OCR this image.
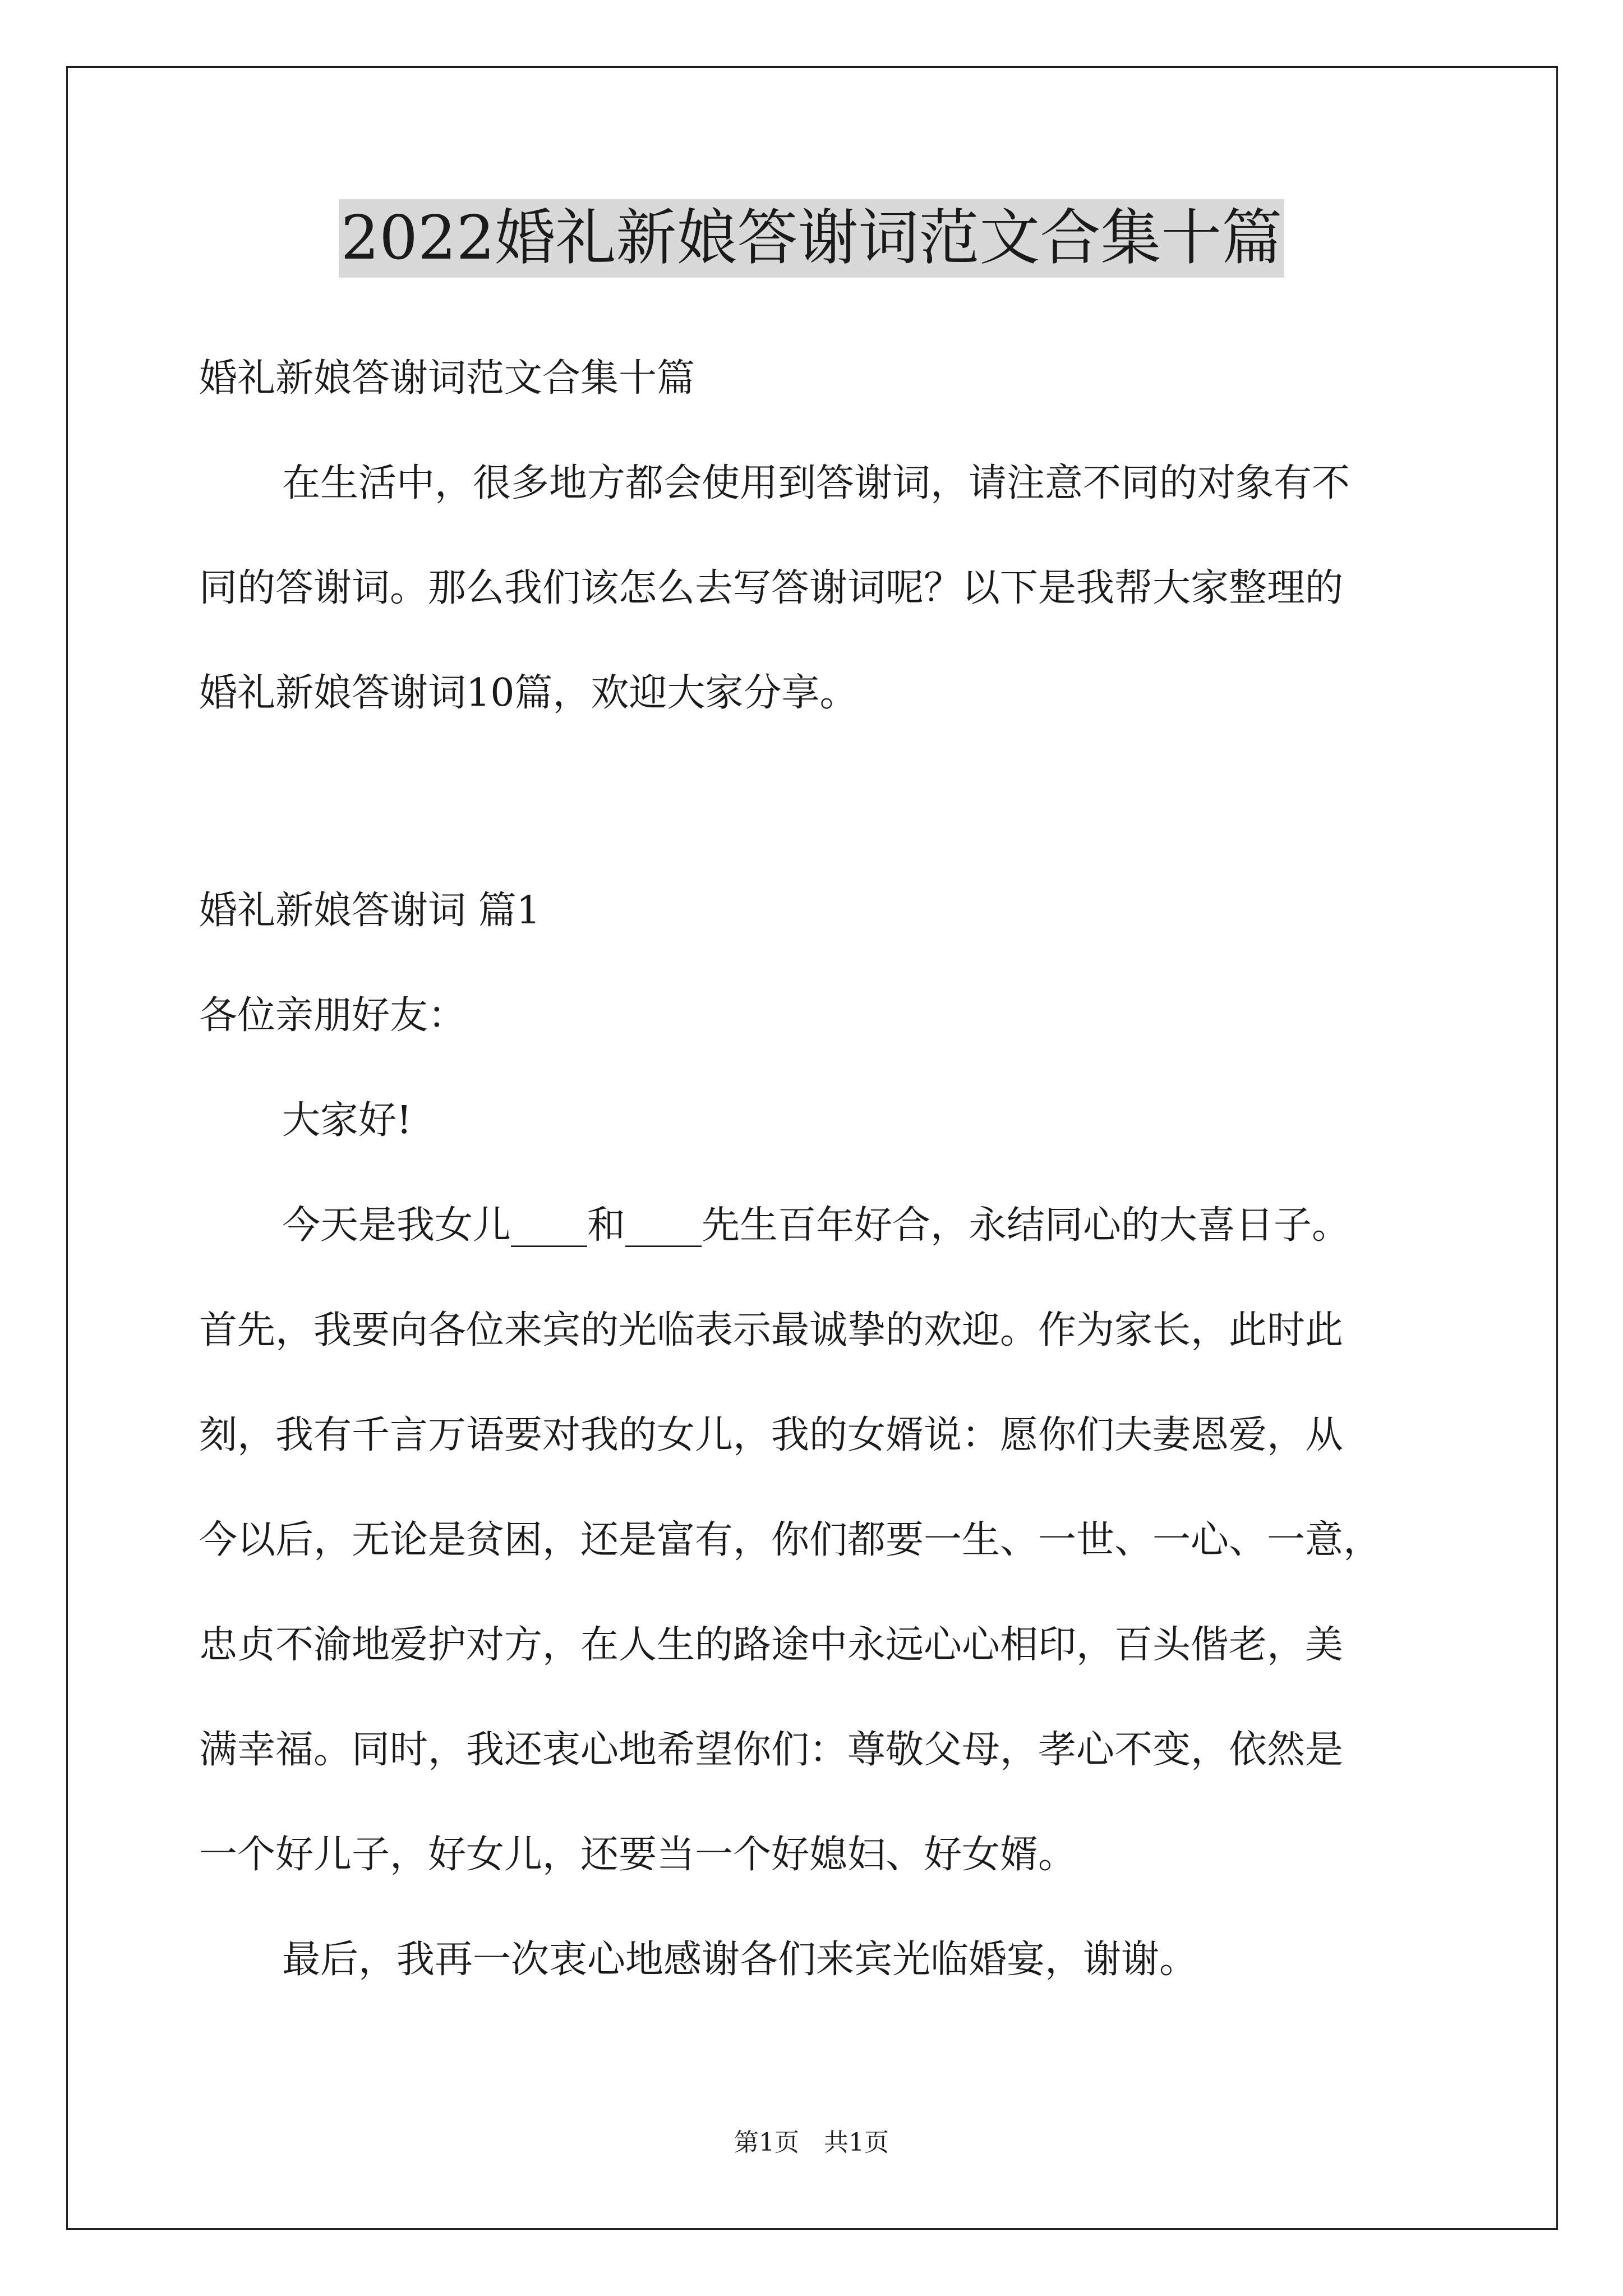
2022婚礼新娘答谢词范文合集十篇
婚礼新娘答谢词范文合集十篇
在生活中，很多地方都会使用到答谢词，请注意不同的对象有不
同的答谢词。那么我们该怎么去写答谢词呢？以下是我帮大家整理的
婚礼新娘答谢词10篇，欢迎大家分享。
婚礼新娘答谢词 篇1
各位亲朋好友：
大家好!
今天是我女儿____和____先生百年好合，永结同心的大喜日子。
首先，我要向各位来宾的光临表示最诚挚的欢迎。作为家长，此时此
刻，我有千言万语要对我的女儿，我的女婿说：愿你们夫妻恩爱，从
今以后，无论是贫困，还是富有，你们都要一生、一世、一心、一意，
忠贞不渝地爱护对方，在人生的路途中永远心心相印，百头偕老，美
满幸福。同时，我还衷心地希望你们：尊敬父母，孝心不变，依然是
一个好儿子，好女儿，还要当一个好媳妇、好女婿。
最后，我再一次衷心地感谢各们来宾光临婚宴，谢谢。
第1页 共1页
